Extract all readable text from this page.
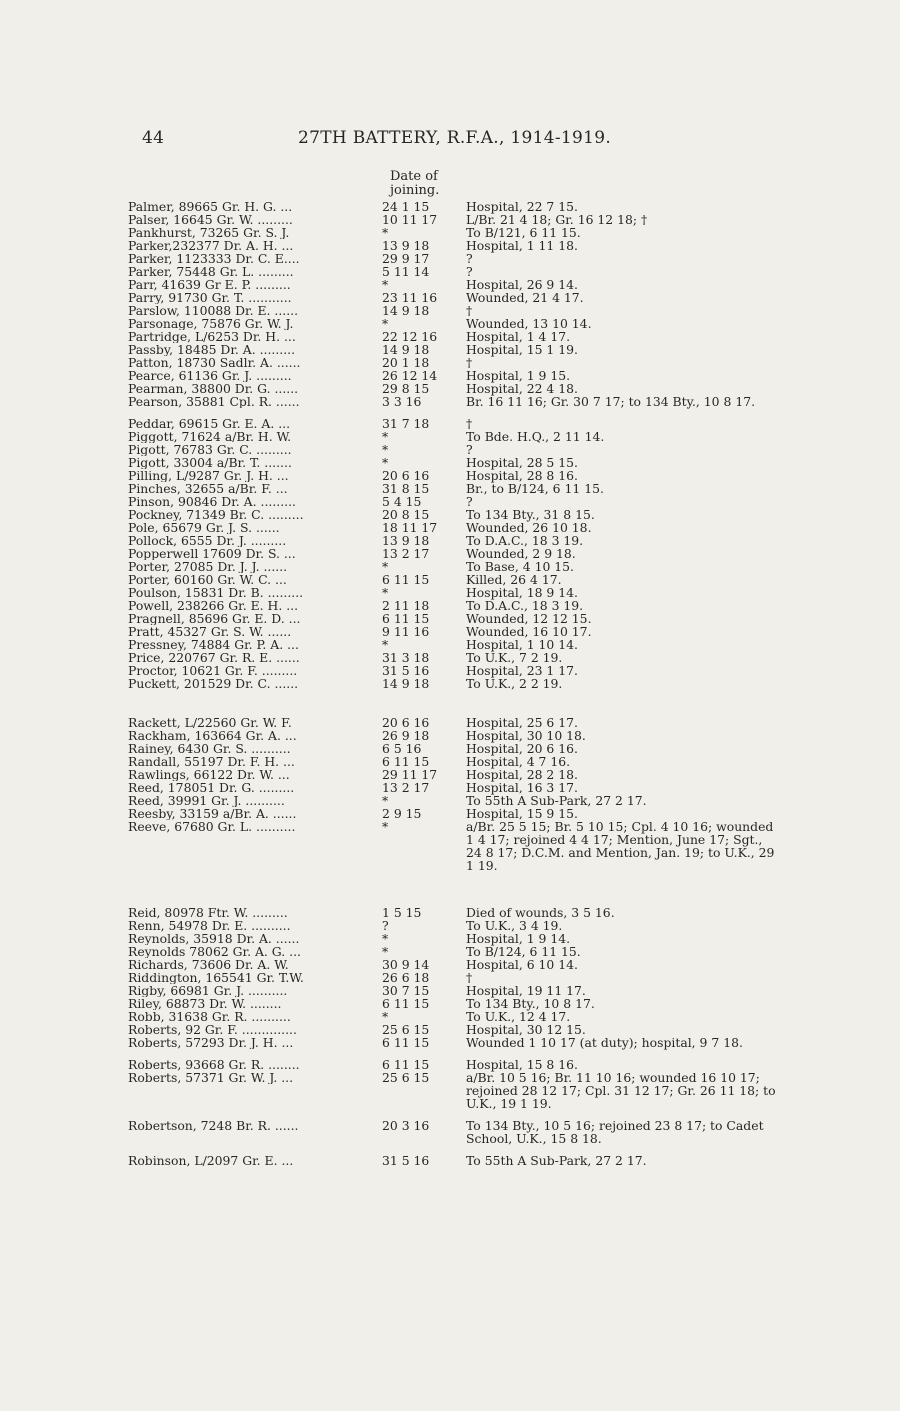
44	27TH BATTERY, R.F.A., 1914-1919.
Date of joining.
Palmer, 89665 Gr. H. G. ...	24 1 15	Hospital, 22 7 15.
Palser, 16645 Gr. W. .........	10 11 17	L/Br. 21 4 18; Gr. 16 12 18; †
Pankhurst, 73265 Gr. S. J.	*	To B/121, 6 11 15.
Parker,232377 Dr. A. H. ...	13 9 18	Hospital, 1 11 18.
Parker, 1123333 Dr. C. E....	29 9 17	?
Parker, 75448 Gr. L. .........	5 11 14	?
Parr, 41639 Gr E. P. .........	*	Hospital, 26 9 14.
Parry, 91730 Gr. T. ...........	23 11 16	Wounded, 21 4 17.
Parslow, 110088 Dr. E. ......	14 9 18	†
Parsonage, 75876 Gr. W. J.	*	Wounded, 13 10 14.
Partridge, L/6253 Dr. H. ...	22 12 16	Hospital, 1 4 17.
Passby, 18485 Dr. A. .........	14 9 18	Hospital, 15 1 19.
Patton, 18730 Sadlr. A. ......	20 1 18	†
Pearce, 61136 Gr. J. .........	26 12 14	Hospital, 1 9 15.
Pearman, 38800 Dr. G. ......	29 8 15	Hospital, 22 4 18.
Pearson, 35881 Cpl. R. ......	3 3 16	Br. 16 11 16; Gr. 30 7 17; to 134 Bty., 10 8 17.
Peddar, 69615 Gr. E. A. ...	31 7 18	†
Piggott, 71624 a/Br. H. W.	*	To Bde. H.Q., 2 11 14.
Pigott, 76783 Gr. C. .........	*	?
Pigott, 33004 a/Br. T. .......	*	Hospital, 28 5 15.
Pilling, L/9287 Gr. J. H. ...	20 6 16	Hospital, 28 8 16.
Pinches, 32655 a/Br. F. ...	31 8 15	Br., to B/124, 6 11 15.
Pinson, 90846 Dr. A. .........	5 4 15	?
Pockney, 71349 Br. C. .........	20 8 15	To 134 Bty., 31 8 15.
Pole, 65679 Gr. J. S. ......	18 11 17	Wounded, 26 10 18.
Pollock, 6555 Dr. J. .........	13 9 18	To D.A.C., 18 3 19.
Popperwell 17609 Dr. S. ...	13 2 17	Wounded, 2 9 18.
Porter, 27085 Dr. J. J. ......	*	To Base, 4 10 15.
Porter, 60160 Gr. W. C. ...	6 11 15	Killed, 26 4 17.
Poulson, 15831 Dr. B. .........	*	Hospital, 18 9 14.
Powell, 238266 Gr. E. H. ...	2 11 18	To D.A.C., 18 3 19.
Pragnell, 85696 Gr. E. D. ...	6 11 15	Wounded, 12 12 15.
Pratt, 45327 Gr. S. W. ......	9 11 16	Wounded, 16 10 17.
Pressney, 74884 Gr. P. A. ...	*	Hospital, 1 10 14.
Price, 220767 Gr. R. E. ......	31 3 18	To U.K., 7 2 19.
Proctor, 10621 Gr. F. .........	31 5 16	Hospital, 23 1 17.
Puckett, 201529 Dr. C. ......	14 9 18	To U.K., 2 2 19.
Rackett, L/22560 Gr. W. F.	20 6 16	Hospital, 25 6 17.
Rackham, 163664 Gr. A. ...	26 9 18	Hospital, 30 10 18.
Rainey, 6430 Gr. S. ..........	6 5 16	Hospital, 20 6 16.
Randall, 55197 Dr. F. H. ...	6 11 15	Hospital, 4 7 16.
Rawlings, 66122 Dr. W. ...	29 11 17	Hospital, 28 2 18.
Reed, 178051 Dr. G. .........	13 2 17	Hospital, 16 3 17.
Reed, 39991 Gr. J. ..........	*	To 55th A Sub-Park, 27 2 17.
Reesby, 33159 a/Br. A. ......	2 9 15	Hospital, 15 9 15.
Reeve, 67680 Gr. L. ..........	*	a/Br. 25 5 15; Br. 5 10 15; Cpl. 4 10 16; wounded 1 4 17; rejoined 4 4 17; Mention, June 17; Sgt., 24 8 17; D.C.M. and Mention, Jan. 19; to U.K., 29 1 19.
Reid, 80978 Ftr. W. .........	1 5 15	Died of wounds, 3 5 16.
Renn, 54978 Dr. E. ..........	?	To U.K., 3 4 19.
Reynolds, 35918 Dr. A. ......	*	Hospital, 1 9 14.
Reynolds 78062 Gr. A. G. ...	*	To B/124, 6 11 15.
Richards, 73606 Dr. A. W.	30 9 14	Hospital, 6 10 14.
Riddington, 165541 Gr. T.W.	26 6 18	†
Rigby, 66981 Gr. J. ..........	30 7 15	Hospital, 19 11 17.
Riley, 68873 Dr. W. ........	6 11 15	To 134 Bty., 10 8 17.
Robb, 31638 Gr. R. ..........	*	To U.K., 12 4 17.
Roberts, 92 Gr. F. ..............	25 6 15	Hospital, 30 12 15.
Roberts, 57293 Dr. J. H. ...	6 11 15	Wounded 1 10 17 (at duty); hospital, 9 7 18.
Roberts, 93668 Gr. R. ........	6 11 15	Hospital, 15 8 16.
Roberts, 57371 Gr. W. J. ...	25 6 15	a/Br. 10 5 16; Br. 11 10 16; wounded 16 10 17; rejoined 28 12 17; Cpl. 31 12 17; Gr. 26 11 18; to U.K., 19 1 19.
Robertson, 7248 Br. R. ......	20 3 16	To 134 Bty., 10 5 16; rejoined 23 8 17; to Cadet School, U.K., 15 8 18.
Robinson, L/2097 Gr. E. ...	31 5 16	To 55th A Sub-Park, 27 2 17.
